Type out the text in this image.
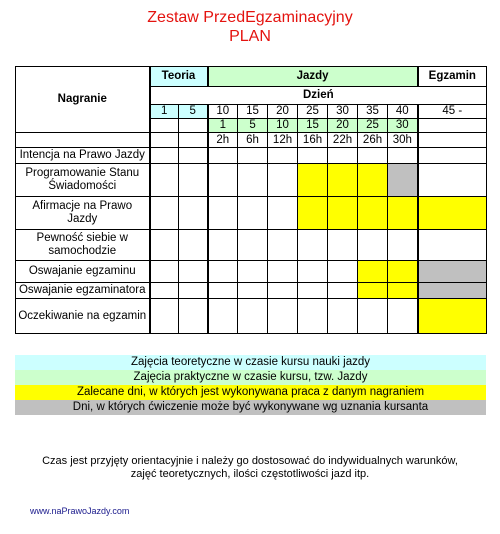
Zestaw PrzedEgzaminacyjny
PLAN
Nagranie	Teoria		Jazdy							Egzamin
	Dzień									
	1	5	10	15	20	25	30	35	40	45 -
			1	5	10	15	20	25	30	
			2h	6h	12h	16h	22h	26h	30h	
Intencja na Prawo Jazdy										
Programowanie Stanu Świadomości										
Afirmacje na Prawo Jazdy										
Pewność siebie w samochodzie										
Oswajanie egzaminu										
Oswajanie egzaminatora										
Oczekiwanie na egzamin										
Zajęcia teoretyczne w czasie kursu nauki jazdy
Zajęcia praktyczne w czasie kursu, tzw. Jazdy
Zalecane dni, w których jest wykonywana praca z danym nagraniem
Dni, w których ćwiczenie może być wykonywane wg uznania kursanta
Czas jest przyjęty orientacyjnie i należy go dostosować do indywidualnych warunków,
zajęć teoretycznych, ilości częstotliwości jazd itp.
www.naPrawoJazdy.com
